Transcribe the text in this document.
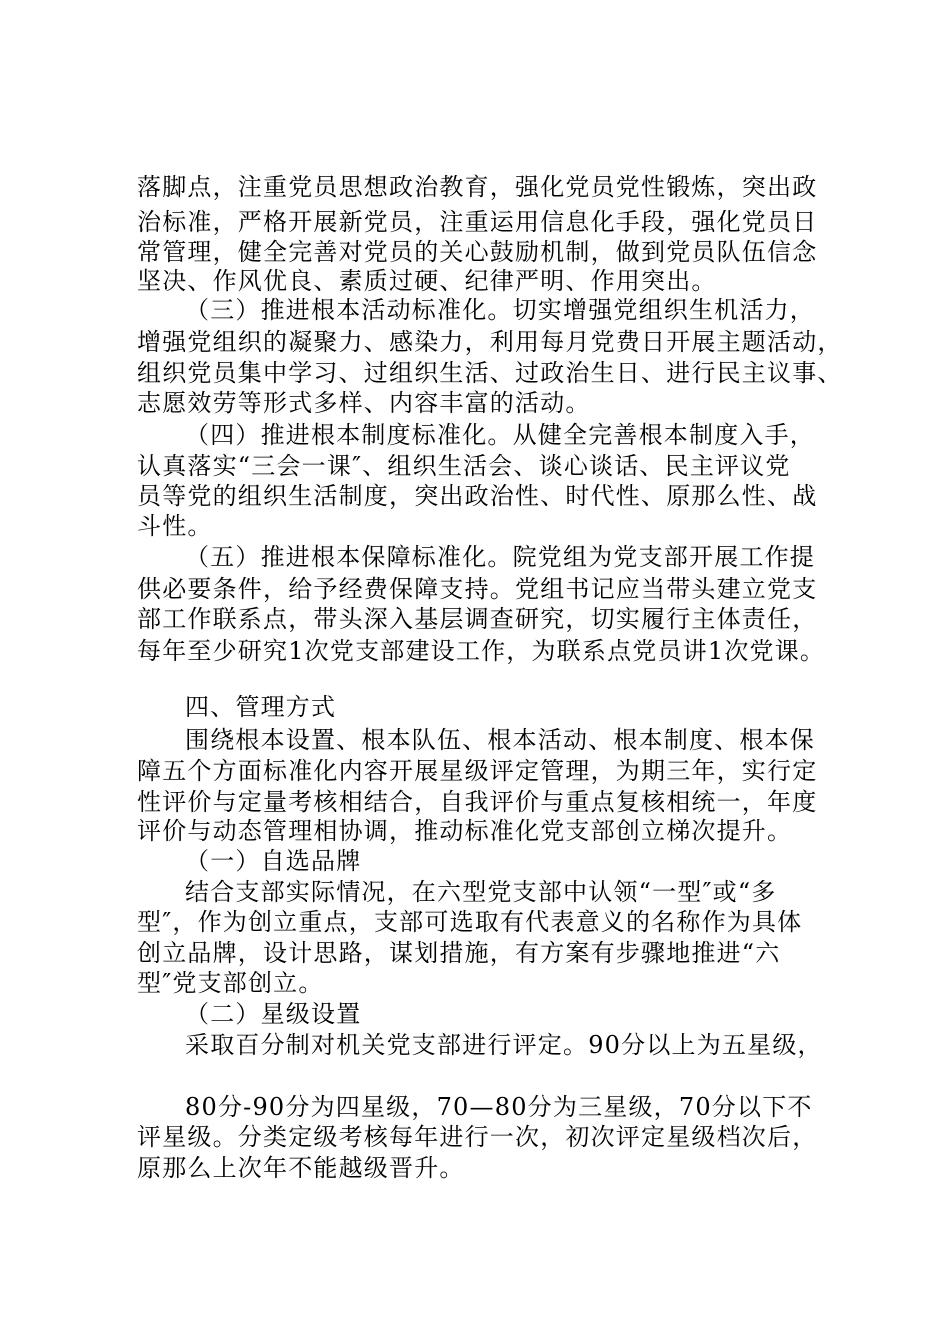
落脚点，注重党员思想政治教育，强化党员党性锻炼，突出政
治标准，严格开展新党员，注重运用信息化手段，强化党员日
常管理，健全完善对党员的关心鼓励机制，做到党员队伍信念
坚决、作风优良、素质过硬、纪律严明、作用突出。
（三）推进根本活动标准化。切实增强党组织生机活力，
增强党组织的凝聚力、感染力，利用每月党费日开展主题活动，
组织党员集中学习、过组织生活、过政治生日、进行民主议事、
志愿效劳等形式多样、内容丰富的活动。
（四）推进根本制度标准化。从健全完善根本制度入手，
认真落实“三会一课″、组织生活会、谈心谈话、民主评议党
员等党的组织生活制度，突出政治性、时代性、原那么性、战
斗性。
（五）推进根本保障标准化。院党组为党支部开展工作提
供必要条件，给予经费保障支持。党组书记应当带头建立党支
部工作联系点，带头深入基层调查研究，切实履行主体责任，
每年至少研究1次党支部建设工作，为联系点党员讲1次党课。
四、管理方式
围绕根本设置、根本队伍、根本活动、根本制度、根本保
障五个方面标准化内容开展星级评定管理，为期三年，实行定
性评价与定量考核相结合，自我评价与重点复核相统一，年度
评价与动态管理相协调，推动标准化党支部创立梯次提升。
（一）自选品牌
结合支部实际情况，在六型党支部中认领“一型″或“多
型″，作为创立重点，支部可选取有代表意义的名称作为具体
创立品牌，设计思路，谋划措施，有方案有步骤地推进“六
型″党支部创立。
（二）星级设置
采取百分制对机关党支部进行评定。90分以上为五星级，
80分-90分为四星级，70—80分为三星级，70分以下不
评星级。分类定级考核每年进行一次，初次评定星级档次后，
原那么上次年不能越级晋升。
